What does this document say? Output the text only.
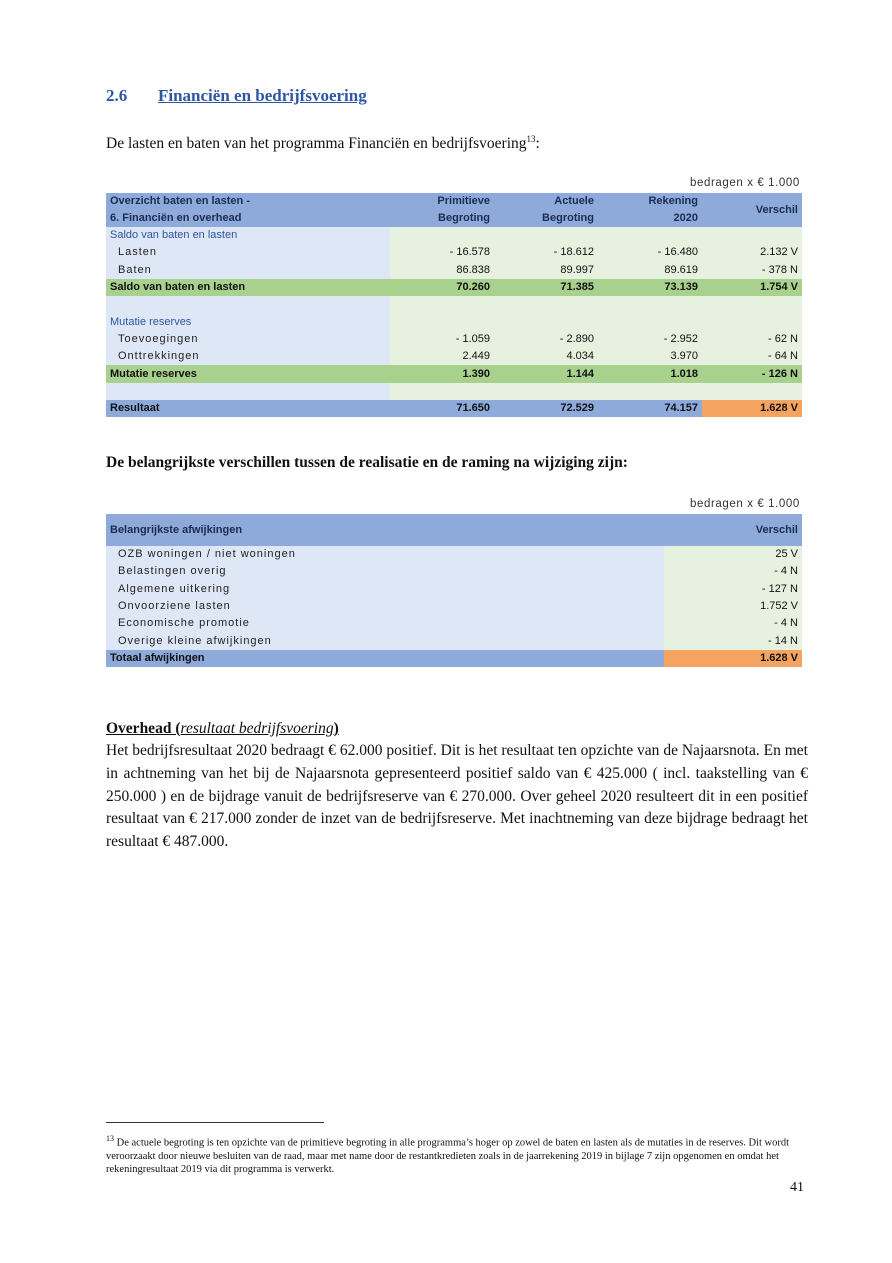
2.6 Financiën en bedrijfsvoering
De lasten en baten van het programma Financiën en bedrijfsvoering$^{13}$:
bedragen x € 1.000
Overzicht baten en lasten -	Primitieve	Actuele	Rekening	Verschil
6. Financiën en overhead	Begroting	Begroting	2020	
Saldo van baten en lasten				
Lasten	- 16.578	- 18.612	- 16.480	2.132 V
Baten	86.838	89.997	89.619	- 378 N
Saldo van baten en lasten	70.260	71.385	73.139	1.754 V

Mutatie reserves				
Toevoegingen	- 1.059	- 2.890	- 2.952	- 62 N
Onttrekkingen	2.449	4.034	3.970	- 64 N
Mutatie reserves	1.390	1.144	1.018	- 126 N

Resultaat	71.650	72.529	74.157	1.628 V
De belangrijkste verschillen tussen de realisatie en de raming na wijziging zijn:
bedragen x € 1.000
Belangrijkste afwijkingen	Verschil
OZB woningen / niet woningen	25 V
Belastingen overig	- 4 N
Algemene uitkering	- 127 N
Onvoorziene lasten	1.752 V
Economische promotie	- 4 N
Overige kleine afwijkingen	- 14 N
Totaal afwijkingen	1.628 V
Overhead (resultaat bedrijfsvoering)
Het bedrijfsresultaat 2020 bedraagt € 62.000 positief. Dit is het resultaat ten opzichte van de Najaarsnota. En met in achtneming van het bij de Najaarsnota gepresenteerd positief saldo van € 425.000 ( incl. taakstelling van € 250.000 ) en de bijdrage vanuit de bedrijfsreserve van € 270.000. Over geheel 2020 resulteert dit in een positief resultaat van € 217.000 zonder de inzet van de bedrijfsreserve. Met inachtneming van deze bijdrage bedraagt het resultaat € 487.000.
$^{13}$ De actuele begroting is ten opzichte van de primitieve begroting in alle programma’s hoger op zowel de baten en lasten als de mutaties in de reserves. Dit wordt veroorzaakt door nieuwe besluiten van de raad, maar met name door de restantkredieten zoals in de jaarrekening 2019 in bijlage 7 zijn opgenomen en omdat het rekeningresultaat 2019 via dit programma is verwerkt.
41
